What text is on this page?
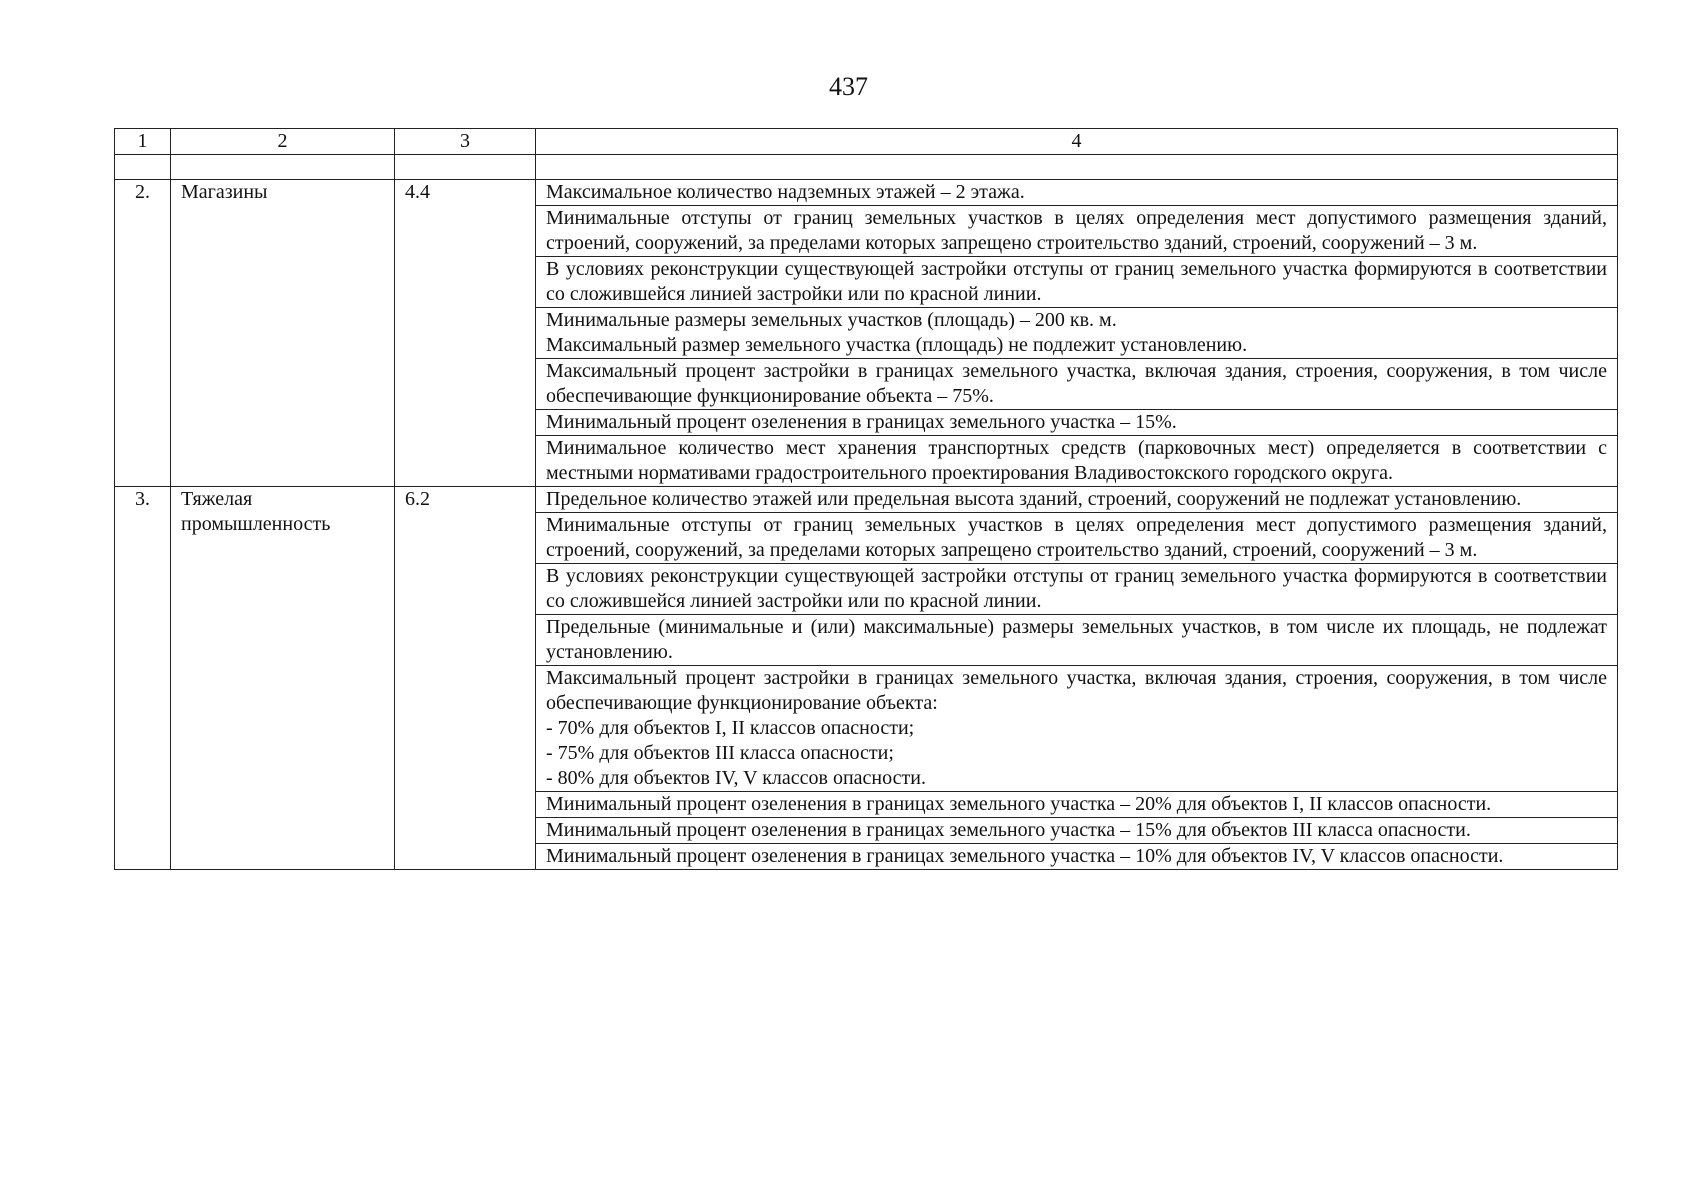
437
1	2	3	4

2.	Магазины	4.4	Максимальное количество надземных этажей – 2 этажа.

			Минимальные отступы от границ земельных участков в целях определения мест допустимого размещения зданий, строений, сооружений, за пределами которых запрещено строительство зданий, строений, сооружений – 3 м.

			В условиях реконструкции существующей застройки отступы от границ земельного участка формируются в соответствии со сложившейся линией застройки или по красной линии.

			Минимальные размеры земельных участков (площадь) – 200 кв. м.
Максимальный размер земельного участка (площадь) не подлежит установлению.

			Максимальный процент застройки в границах земельного участка, включая здания, строения, сооружения, в том числе обеспечивающие функционирование объекта – 75%.

			Минимальный процент озеленения в границах земельного участка – 15%.

			Минимальное количество мест хранения транспортных средств (парковочных мест) определяется в соответствии с местными нормативами градостроительного проектирования Владивостокского городского округа.

3.	Тяжелая промышленность	6.2	Предельное количество этажей или предельная высота зданий, строений, сооружений не подлежат установлению.

			Минимальные отступы от границ земельных участков в целях определения мест допустимого размещения зданий, строений, сооружений, за пределами которых запрещено строительство зданий, строений, сооружений – 3 м.

			В условиях реконструкции существующей застройки отступы от границ земельного участка формируются в соответствии со сложившейся линией застройки или по красной линии.

			Предельные (минимальные и (или) максимальные) размеры земельных участков, в том числе их площадь, не подлежат установлению.

			Максимальный процент застройки в границах земельного участка, включая здания, строения, сооружения, в том числе обеспечивающие функционирование объекта:
- 70% для объектов I, II классов опасности;
- 75% для объектов III класса опасности;
- 80% для объектов IV, V классов опасности.

			Минимальный процент озеленения в границах земельного участка – 20% для объектов I, II классов опасности.

			Минимальный процент озеленения в границах земельного участка – 15% для объектов III класса опасности.

			Минимальный процент озеленения в границах земельного участка – 10% для объектов IV, V классов опасности.
